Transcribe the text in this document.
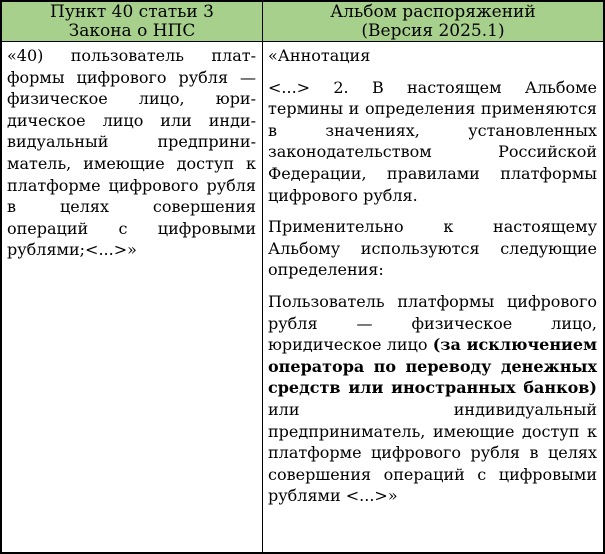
Пункт 40 статьи 3
Закона о НПС
Альбом распоряжений
(Версия 2025.1)

«40) пользователь платформы цифрового рубля — физическое лицо, юридическое лицо или индивидуальный предприниматель, имеющие доступ к платформе цифрового рубля в целях совершения операций с цифровыми рублями;<...>»

«Аннотация

<...> 2. В настоящем Альбоме термины и определения применяются в значениях, установленных законодательством Российской Федерации, правилами платформы цифрового рубля.

Применительно к настоящему Альбому используются следующие определения:

Пользователь платформы цифрового рубля — физическое лицо, юридическое лицо (за исключением оператора по переводу денежных средств или иностранных банков) или индивидуальный предприниматель, имеющие доступ к платформе цифрового рубля в целях совершения операций с цифровыми рублями <...>»
